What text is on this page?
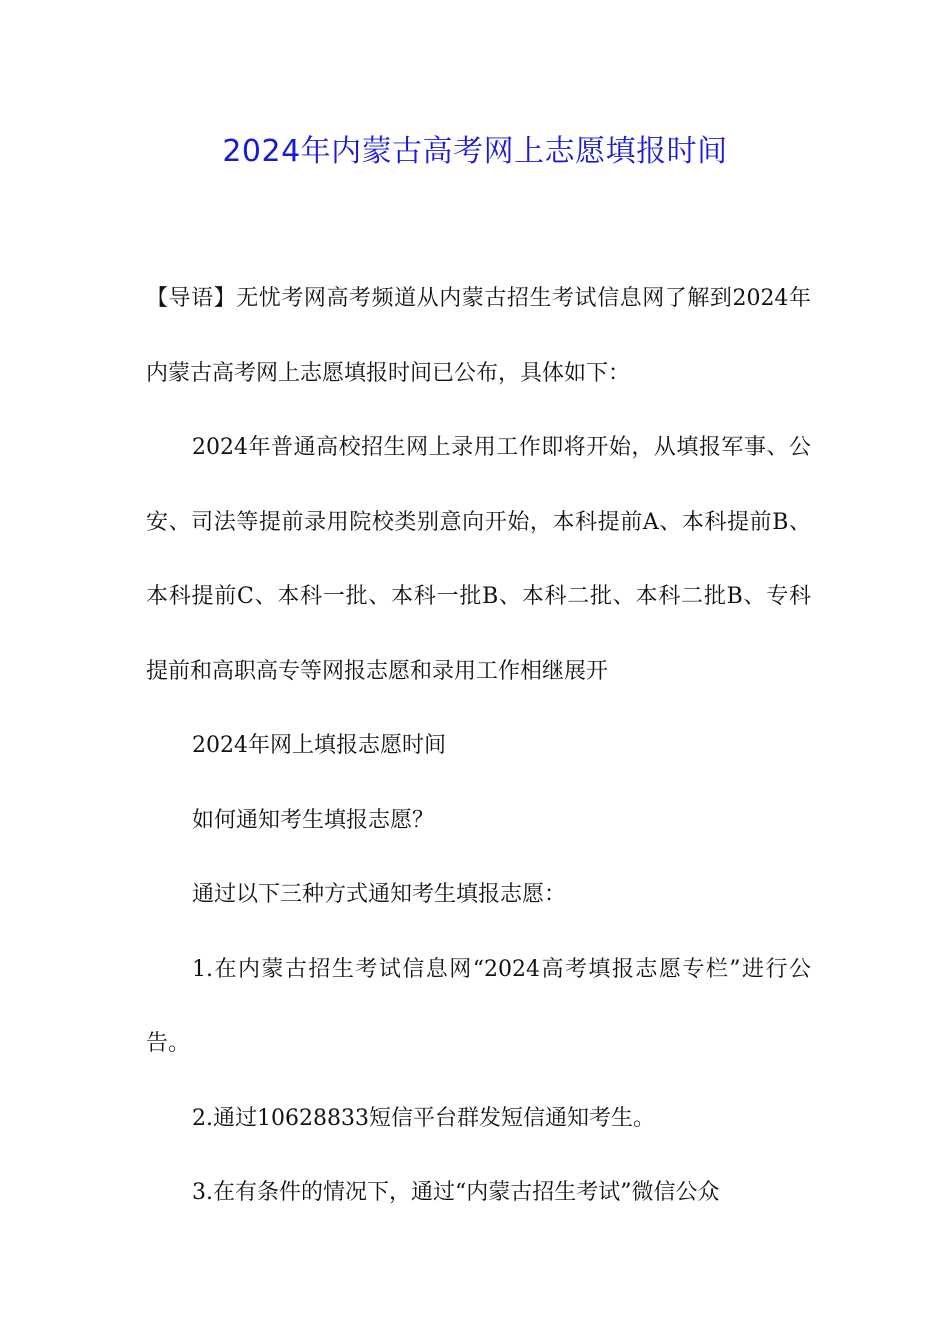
2024年内蒙古高考网上志愿填报时间

【导语】无忧考网高考频道从内蒙古招生考试信息网了解到2024年内蒙古高考网上志愿填报时间已公布，具体如下：

2024年普通高校招生网上录用工作即将开始，从填报军事、公安、司法等提前录用院校类别意向开始，本科提前A、本科提前B、本科提前C、本科一批、本科一批B、本科二批、本科二批B、专科提前和高职高专等网报志愿和录用工作相继展开

2024年网上填报志愿时间

如何通知考生填报志愿？

通过以下三种方式通知考生填报志愿：

1.在内蒙古招生考试信息网“2024高考填报志愿专栏”进行公告。

2.通过10628833短信平台群发短信通知考生。

3.在有条件的情况下，通过“内蒙古招生考试”微信公众
